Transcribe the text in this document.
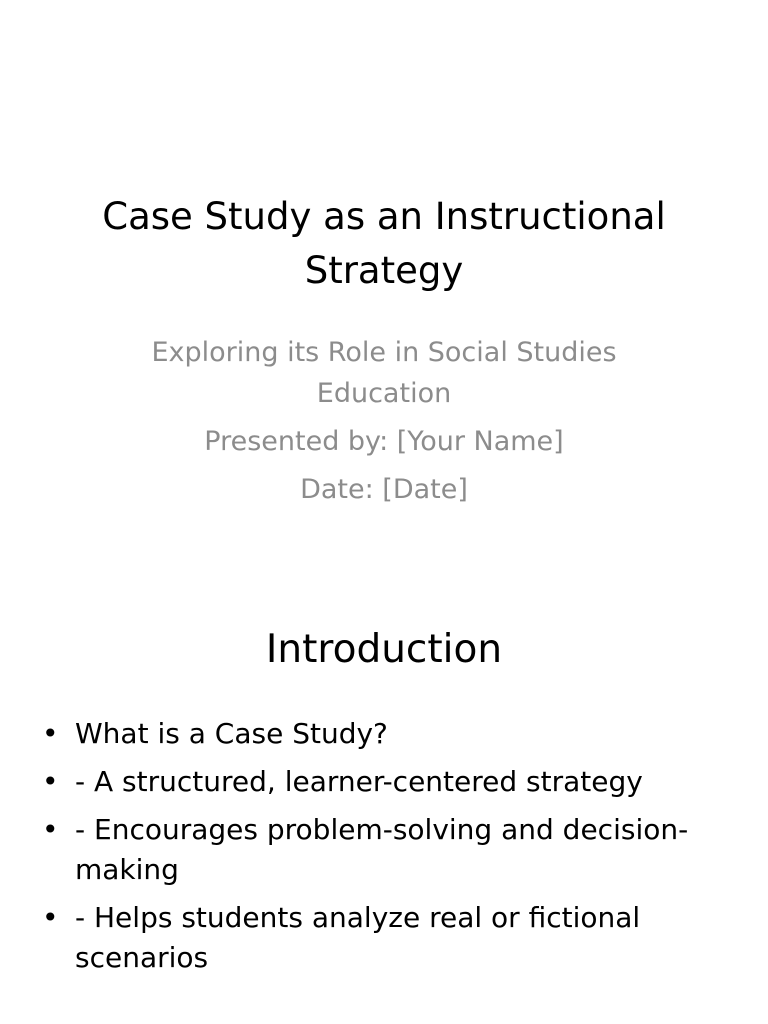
Case Study as an Instructional Strategy
Exploring its Role in Social Studies
Education
Presented by: [Your Name]
Date: [Date]
Introduction
• What is a Case Study?
• - A structured, learner-centered strategy
• - Encourages problem-solving and decision-making
• - Helps students analyze real or fictional scenarios
